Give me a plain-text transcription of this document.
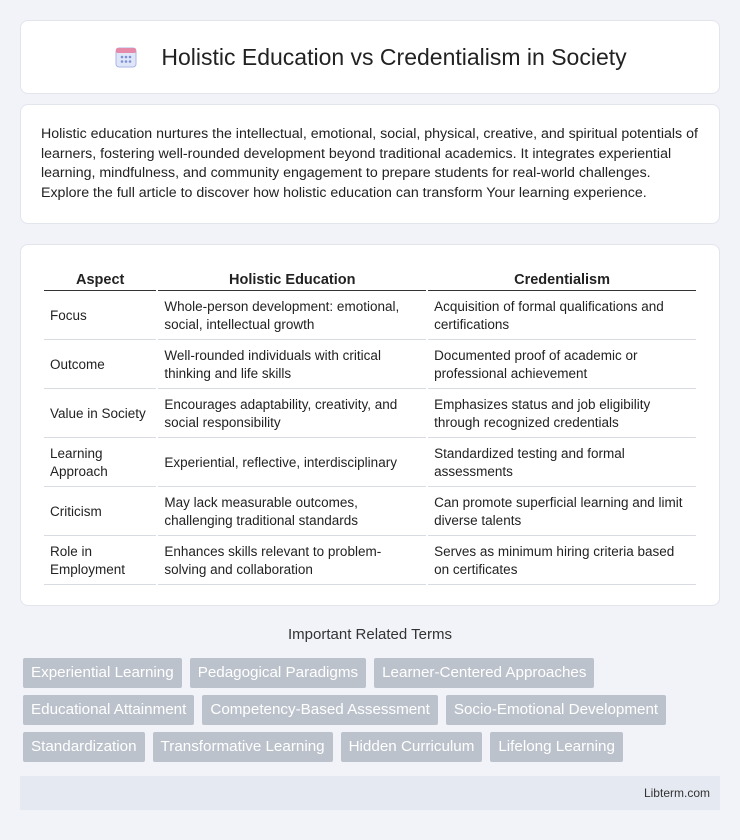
Holistic Education vs Credentialism in Society

Holistic education nurtures the intellectual, emotional, social, physical, creative, and spiritual potentials of learners, fostering well-rounded development beyond traditional academics. It integrates experiential learning, mindfulness, and community engagement to prepare students for real-world challenges. Explore the full article to discover how holistic education can transform Your learning experience.

Aspect	Holistic Education	Credentialism
Focus	Whole-person development: emotional, social, intellectual growth	Acquisition of formal qualifications and certifications
Outcome	Well-rounded individuals with critical thinking and life skills	Documented proof of academic or professional achievement
Value in Society	Encourages adaptability, creativity, and social responsibility	Emphasizes status and job eligibility through recognized credentials
Learning Approach	Experiential, reflective, interdisciplinary	Standardized testing and formal assessments
Criticism	May lack measurable outcomes, challenging traditional standards	Can promote superficial learning and limit diverse talents
Role in Employment	Enhances skills relevant to problem-solving and collaboration	Serves as minimum hiring criteria based on certificates
Important Related Terms
Experiential Learning	Pedagogical Paradigms	Learner-Centered Approaches
Educational Attainment	Competency-Based Assessment	Socio-Emotional Development
Standardization	Transformative Learning	Hidden Curriculum	Lifelong Learning
Libterm.com
